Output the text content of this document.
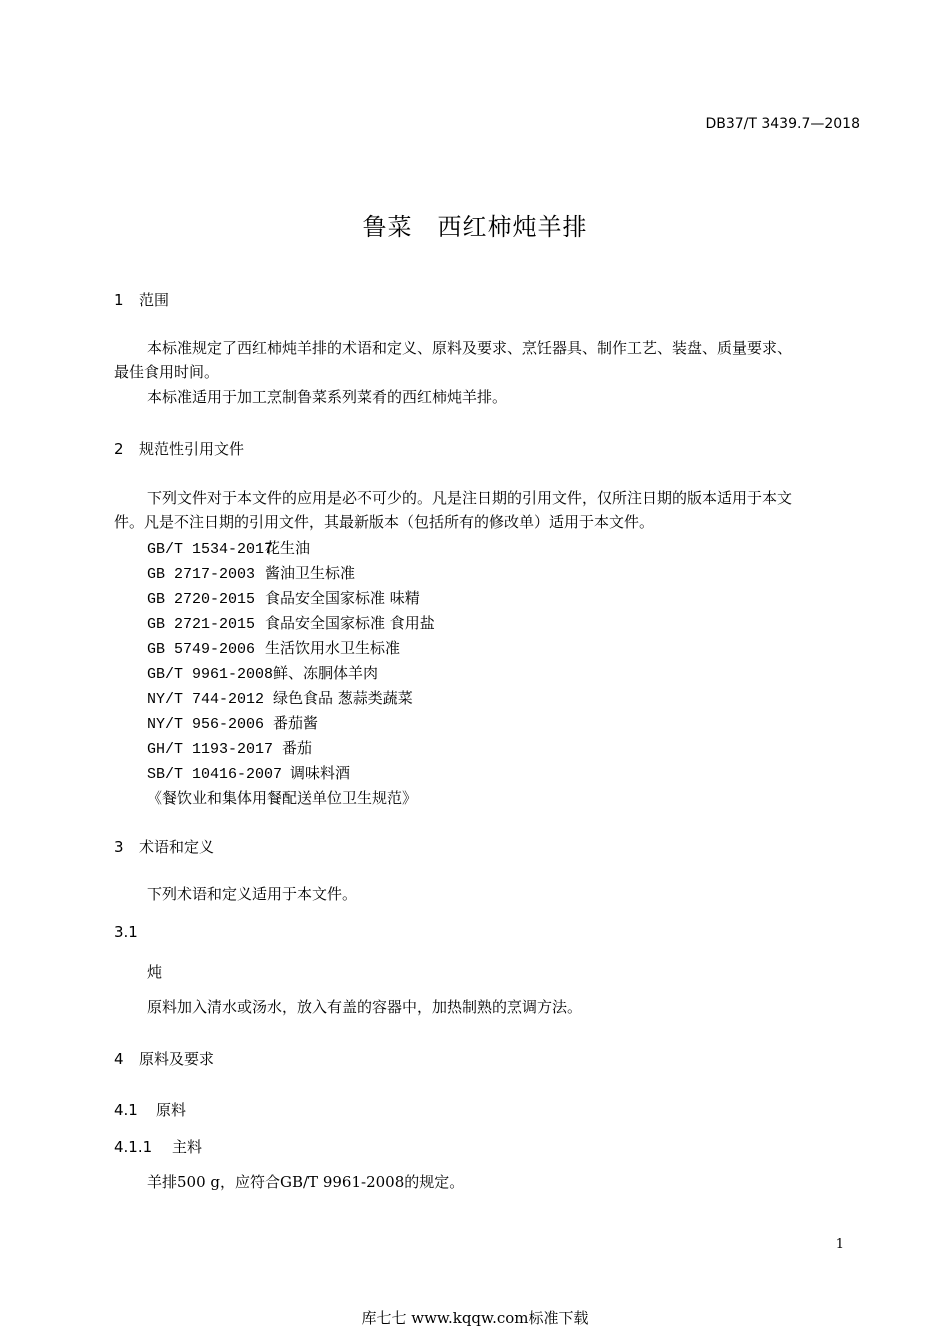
DB37/T 3439.7—2018
鲁菜　西红柿炖羊排
1 范围
本标准规定了西红柿炖羊排的术语和定义、原料及要求、烹饪器具、制作工艺、装盘、质量要求、
最佳食用时间。
本标准适用于加工烹制鲁菜系列菜肴的西红柿炖羊排。
2 规范性引用文件
下列文件对于本文件的应用是必不可少的。凡是注日期的引用文件，仅所注日期的版本适用于本文
件。凡是不注日期的引用文件，其最新版本（包括所有的修改单）适用于本文件。
GB/T 1534-2017花生油
GB 2717-2003 酱油卫生标准
GB 2720-2015 食品安全国家标准 味精
GB 2721-2015 食品安全国家标准 食用盐
GB 5749-2006 生活饮用水卫生标准
GB/T 9961-2008鲜、冻胴体羊肉
NY/T 744-2012 绿色食品 葱蒜类蔬菜
NY/T 956-2006 番茄酱
GH/T 1193-2017 番茄
SB/T 10416-2007 调味料酒
《餐饮业和集体用餐配送单位卫生规范》
3 术语和定义
下列术语和定义适用于本文件。
3.1
炖
原料加入清水或汤水，放入有盖的容器中，加热制熟的烹调方法。
4 原料及要求
4.1 原料
4.1.1 主料
羊排500 g，应符合GB/T 9961-2008的规定。
1
库七七 www.kqqw.com标准下载
